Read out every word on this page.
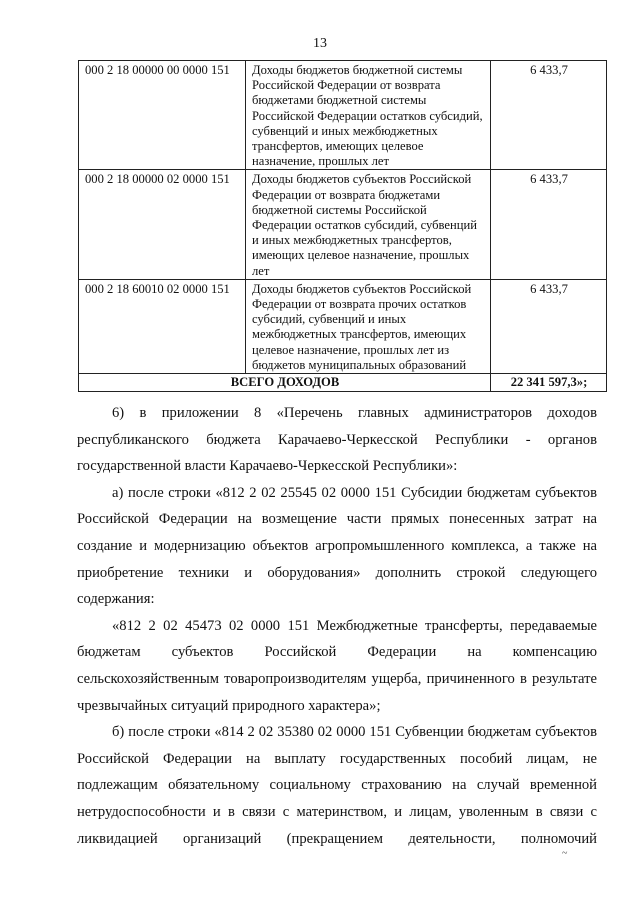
13
000 2 18 00000 00 0000 151	Доходы бюджетов бюджетной системы Российской Федерации от возврата бюджетами бюджетной системы Российской Федерации остатков субсидий, субвенций и иных межбюджетных трансфертов, имеющих целевое назначение, прошлых лет	6 433,7
000 2 18 00000 02 0000 151	Доходы бюджетов субъектов Российской Федерации от возврата бюджетами бюджетной системы Российской Федерации остатков субсидий, субвенций и иных межбюджетных трансфертов, имеющих целевое назначение, прошлых лет	6 433,7
000 2 18 60010 02 0000 151	Доходы бюджетов субъектов Российской Федерации от возврата прочих остатков субсидий, субвенций и иных межбюджетных трансфертов, имеющих целевое назначение, прошлых лет из бюджетов муниципальных образований	6 433,7
ВСЕГО ДОХОДОВ		22 341 597,3»;

6) в приложении 8 «Перечень главных администраторов доходов республиканского бюджета Карачаево-Черкесской Республики - органов государственной власти Карачаево-Черкесской Республики»:

а) после строки «812 2 02 25545 02 0000 151 Субсидии бюджетам субъектов Российской Федерации на возмещение части прямых понесенных затрат на создание и модернизацию объектов агропромышленного комплекса, а также на приобретение техники и оборудования» дополнить строкой следующего содержания:

«812 2 02 45473 02 0000 151 Межбюджетные трансферты, передаваемые бюджетам субъектов Российской Федерации на компенсацию сельскохозяйственным товаропроизводителям ущерба, причиненного в результате чрезвычайных ситуаций природного характера»;

б) после строки «814 2 02 35380 02 0000 151 Субвенции бюджетам субъектов Российской Федерации на выплату государственных пособий лицам, не подлежащим обязательному социальному страхованию на случай временной нетрудоспособности и в связи с материнством, и лицам, уволенным в связи с ликвидацией организаций (прекращением деятельности, полномочий

~
